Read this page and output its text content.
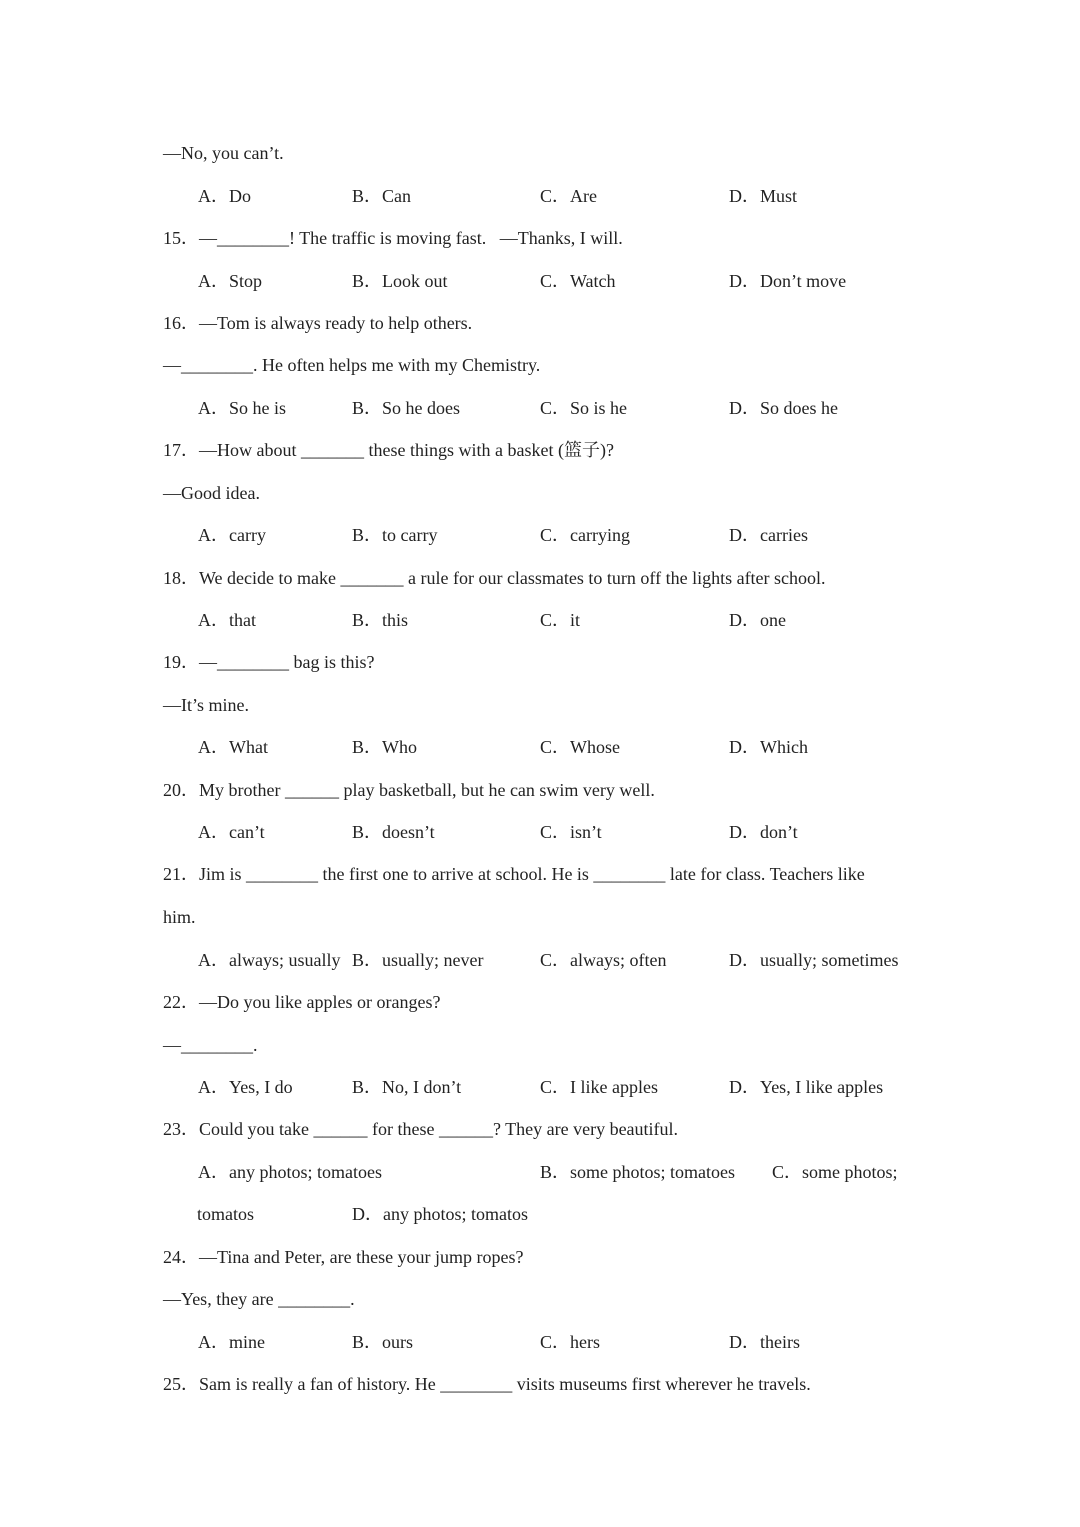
—No, you can’t.
A．Do	B．Can	C．Are	D．Must
15．—________! The traffic is moving fast.   —Thanks, I will.
A．Stop	B．Look out	C．Watch	D．Don’t move
16．—Tom is always ready to help others.
—________. He often helps me with my Chemistry.
A．So he is	B．So he does	C．So is he	D．So does he
17．—How about _______ these things with a basket (篮子)?
—Good idea.
A．carry	B．to carry	C．carrying	D．carries
18．We decide to make _______ a rule for our classmates to turn off the lights after school.
A．that	B．this	C．it	D．one
19．—________ bag is this?
—It’s mine.
A．What	B．Who	C．Whose	D．Which
20．My brother ______ play basketball, but he can swim very well.
A．can’t	B．doesn’t	C．isn’t	D．don’t
21．Jim is ________ the first one to arrive at school. He is ________ late for class. Teachers like
him.
A．always; usually B．usually; never	C．always; often	D．usually; sometimes
22．—Do you like apples or oranges?
—________.
A．Yes, I do	B．No, I don’t	C．I like apples	D．Yes, I like apples
23．Could you take ______ for these ______? They are very beautiful.
A．any photos; tomatoes	B．some photos; tomatoes C．some photos;
tomatos	D．any photos; tomatos
24．—Tina and Peter, are these your jump ropes?
—Yes, they are ________.
A．mine	B．ours	C．hers	D．theirs
25．Sam is really a fan of history. He ________ visits museums first wherever he travels.
